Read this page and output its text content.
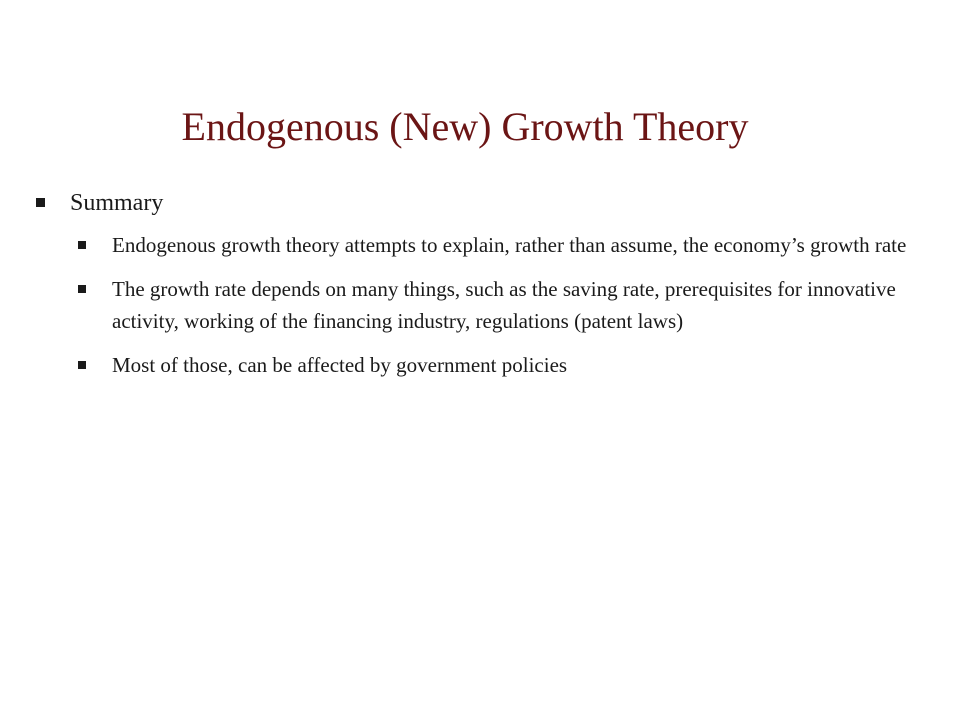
Endogenous (New) Growth Theory
Summary
Endogenous growth theory attempts to explain, rather than assume, the economy’s growth rate
The growth rate depends on many things, such as the saving rate, prerequisites for innovative activity, working of the financing industry, regulations (patent laws)
Most of those, can be affected by government policies
